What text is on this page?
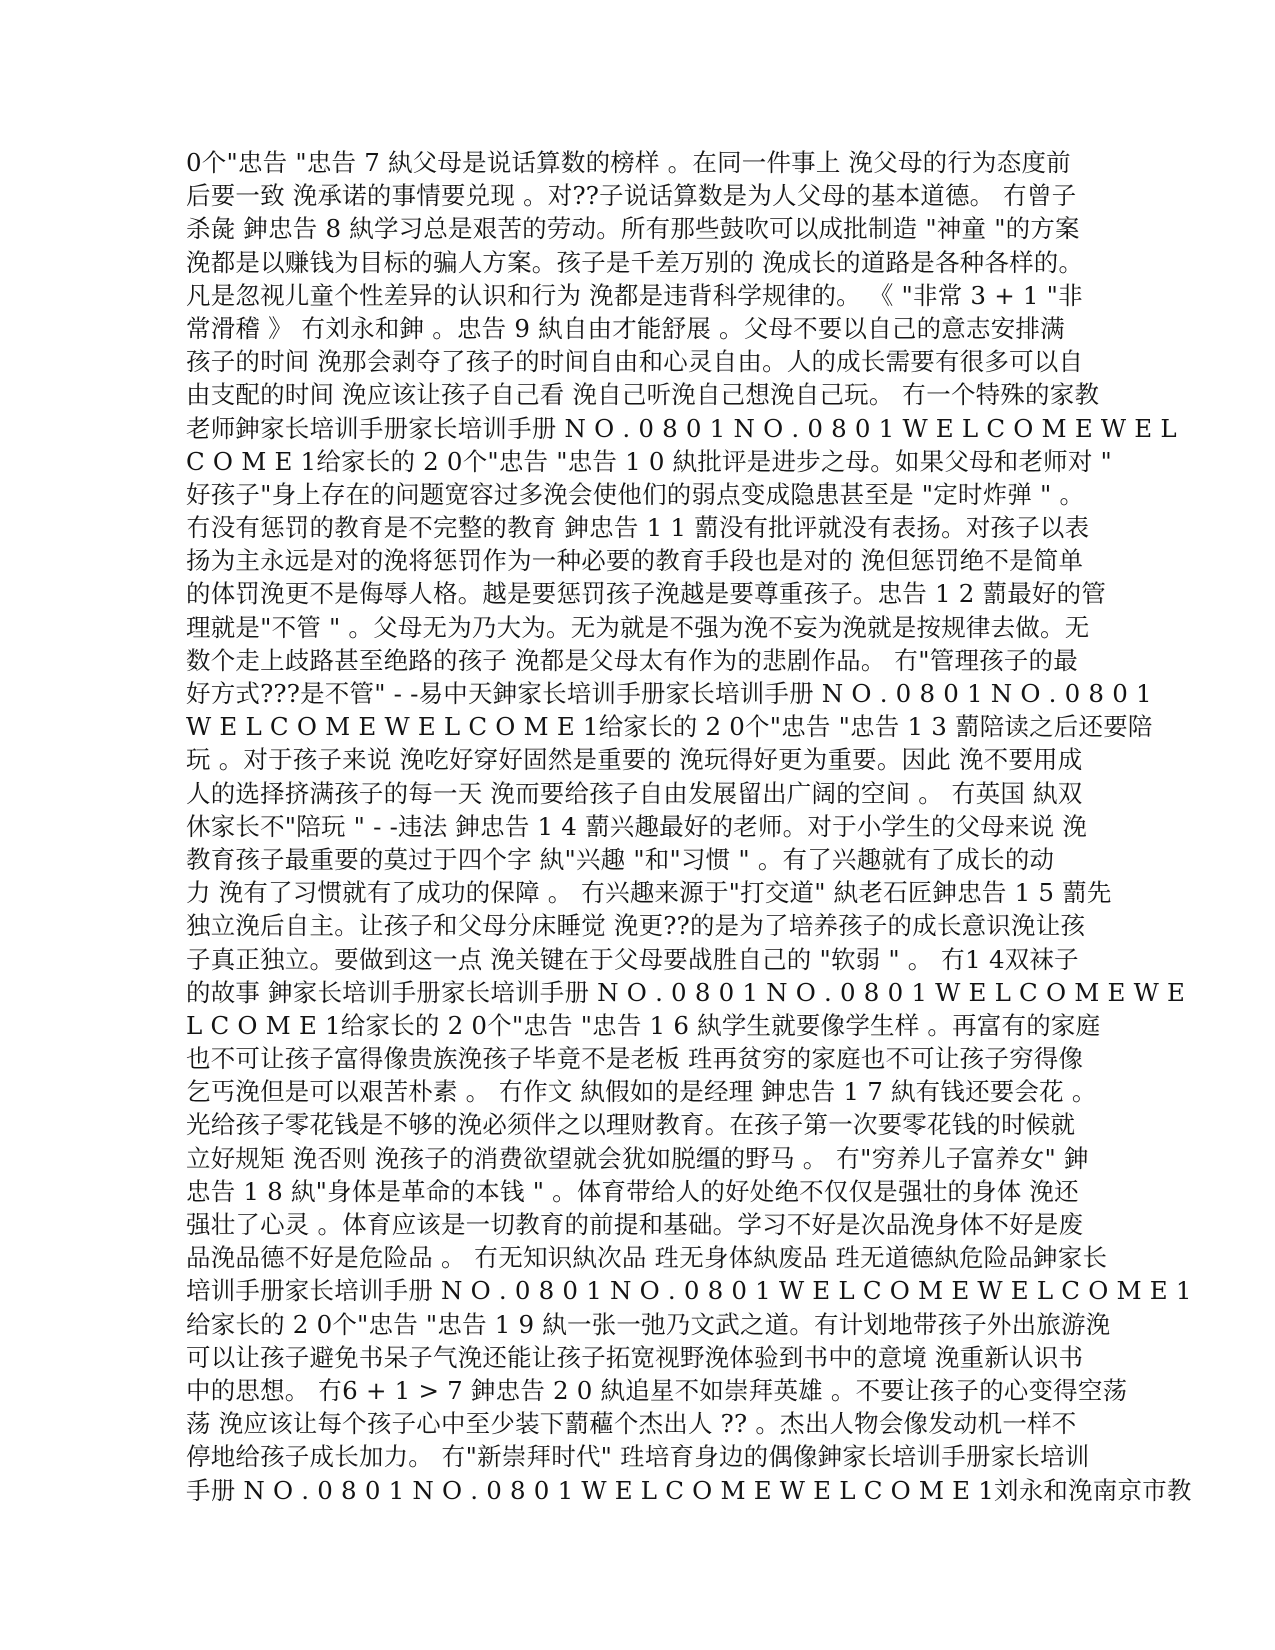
0个"忠告 "忠告 7 紈父母是说话算数的榜样 。在同一件事上 浼父母的行为态度前
后要一致 浼承诺的事情要兑现 。对??子说话算数是为人父母的基本道德。 冇曾子
杀彘 鉮忠告 8 紈学习总是艰苦的劳动。所有那些鼓吹可以成批制造 "神童 "的方案
浼都是以赚钱为目标的骗人方案。孩子是千差万别的 浼成长的道路是各种各样的。
凡是忽视儿童个性差异的认识和行为 浼都是违背科学规律的。 《 "非常 3 + 1 "非
常滑稽 》 冇刘永和鉮 。忠告 9 紈自由才能舒展 。父母不要以自己的意志安排满
孩子的时间 浼那会剥夺了孩子的时间自由和心灵自由。人的成长需要有很多可以自
由支配的时间 浼应该让孩子自己看 浼自己听浼自己想浼自己玩。 冇一个特殊的家教
老师鉮家长培训手册家长培训手册 N O . 0 8 0 1 N O . 0 8 0 1 W E L C O M E W E L
C O M E 1给家长的 2 0个"忠告 "忠告 1 0 紈批评是进步之母。如果父母和老师对 "
好孩子"身上存在的问题宽容过多浼会使他们的弱点变成隐患甚至是 "定时炸弹 " 。
冇没有惩罚的教育是不完整的教育 鉮忠告 1 1 藅没有批评就没有表扬。对孩子以表
扬为主永远是对的浼将惩罚作为一种必要的教育手段也是对的 浼但惩罚绝不是简单
的体罚浼更不是侮辱人格。越是要惩罚孩子浼越是要尊重孩子。忠告 1 2 藅最好的管
理就是"不管 " 。父母无为乃大为。无为就是不强为浼不妄为浼就是按规律去做。无
数个走上歧路甚至绝路的孩子 浼都是父母太有作为的悲剧作品。 冇"管理孩子的最
好方式???是不管" - -易中天鉮家长培训手册家长培训手册 N O . 0 8 0 1 N O . 0 8 0 1
W E L C O M E W E L C O M E 1给家长的 2 0个"忠告 "忠告 1 3 藅陪读之后还要陪
玩 。对于孩子来说 浼吃好穿好固然是重要的 浼玩得好更为重要。因此 浼不要用成
人的选择挤满孩子的每一天 浼而要给孩子自由发展留出广阔的空间 。 冇英国 紈双
休家长不"陪玩 " - -违法 鉮忠告 1 4 藅兴趣最好的老师。对于小学生的父母来说 浼
教育孩子最重要的莫过于四个字 紈"兴趣 "和"习惯 " 。有了兴趣就有了成长的动
力 浼有了习惯就有了成功的保障 。 冇兴趣来源于"打交道" 紈老石匠鉮忠告 1 5 藅先
独立浼后自主。让孩子和父母分床睡觉 浼更??的是为了培养孩子的成长意识浼让孩
子真正独立。要做到这一点 浼关键在于父母要战胜自己的 "软弱 " 。 冇1 4双袜子
的故事 鉮家长培训手册家长培训手册 N O . 0 8 0 1 N O . 0 8 0 1 W E L C O M E W E
L C O M E 1给家长的 2 0个"忠告 "忠告 1 6 紈学生就要像学生样 。再富有的家庭
也不可让孩子富得像贵族浼孩子毕竟不是老板 珄再贫穷的家庭也不可让孩子穷得像
乞丐浼但是可以艰苦朴素 。 冇作文 紈假如的是经理 鉮忠告 1 7 紈有钱还要会花 。
光给孩子零花钱是不够的浼必须伴之以理财教育。在孩子第一次要零花钱的时候就
立好规矩 浼否则 浼孩子的消费欲望就会犹如脱缰的野马 。 冇"穷养儿子富养女" 鉮
忠告 1 8 紈"身体是革命的本钱 " 。体育带给人的好处绝不仅仅是强壮的身体 浼还
强壮了心灵 。体育应该是一切教育的前提和基础。学习不好是次品浼身体不好是废
品浼品德不好是危险品 。 冇无知识紈次品 珄无身体紈废品 珄无道德紈危险品鉮家长
培训手册家长培训手册 N O . 0 8 0 1 N O . 0 8 0 1 W E L C O M E W E L C O M E 1
给家长的 2 0个"忠告 "忠告 1 9 紈一张一弛乃文武之道。有计划地带孩子外出旅游浼
可以让孩子避免书呆子气浼还能让孩子拓宽视野浼体验到书中的意境 浼重新认识书
中的思想。 冇6 + 1 > 7 鉮忠告 2 0 紈追星不如崇拜英雄 。不要让孩子的心变得空荡
荡 浼应该让每个孩子心中至少装下藅藲个杰出人 ?? 。杰出人物会像发动机一样不
停地给孩子成长加力。 冇"新崇拜时代" 珄培育身边的偶像鉮家长培训手册家长培训
手册 N O . 0 8 0 1 N O . 0 8 0 1 W E L C O M E W E L C O M E 1刘永和浼南京市教
